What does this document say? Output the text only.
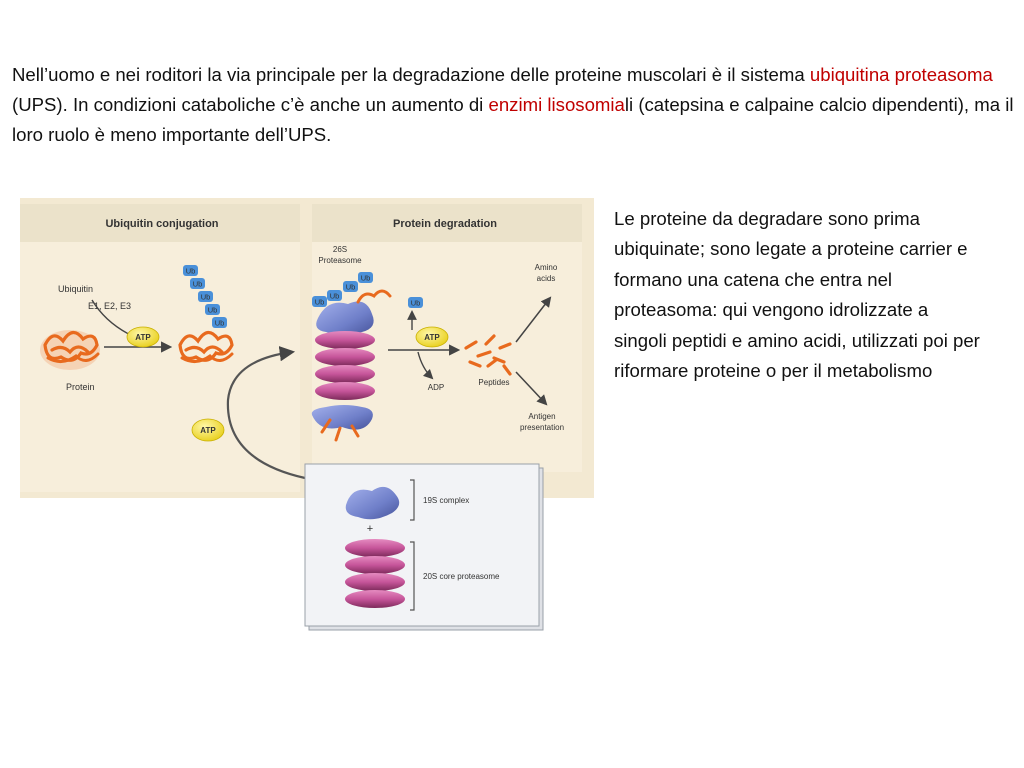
Nell’uomo e nei roditori la via principale per la degradazione delle proteine muscolari è il sistema ubiquitina proteasoma (UPS). In condizioni cataboliche c’è anche un aumento di enzimi lisosomiali (catepsina e calpaine calcio dipendenti), ma il loro ruolo è meno importante dell’UPS.

Le proteine da degradare sono prima ubiquinate; sono legate a proteine carrier e formano una catena che entra nel proteasoma: qui vengono idrolizzate a singoli peptidi e amino acidi, utilizzati poi per riformare proteine o per il metabolismo

Ubiquitin conjugation	Protein degradation
Ubiquitin
E1, E2, E3
Protein
ATP
Ub
Ub
Ub
Ub
Ub
ATP
26S
Proteasome
Ub
Ub
Ub
Ub
Ub
ATP
ADP
Peptides
Amino
acids
Antigen
presentation
19S complex
+
20S core proteasome
